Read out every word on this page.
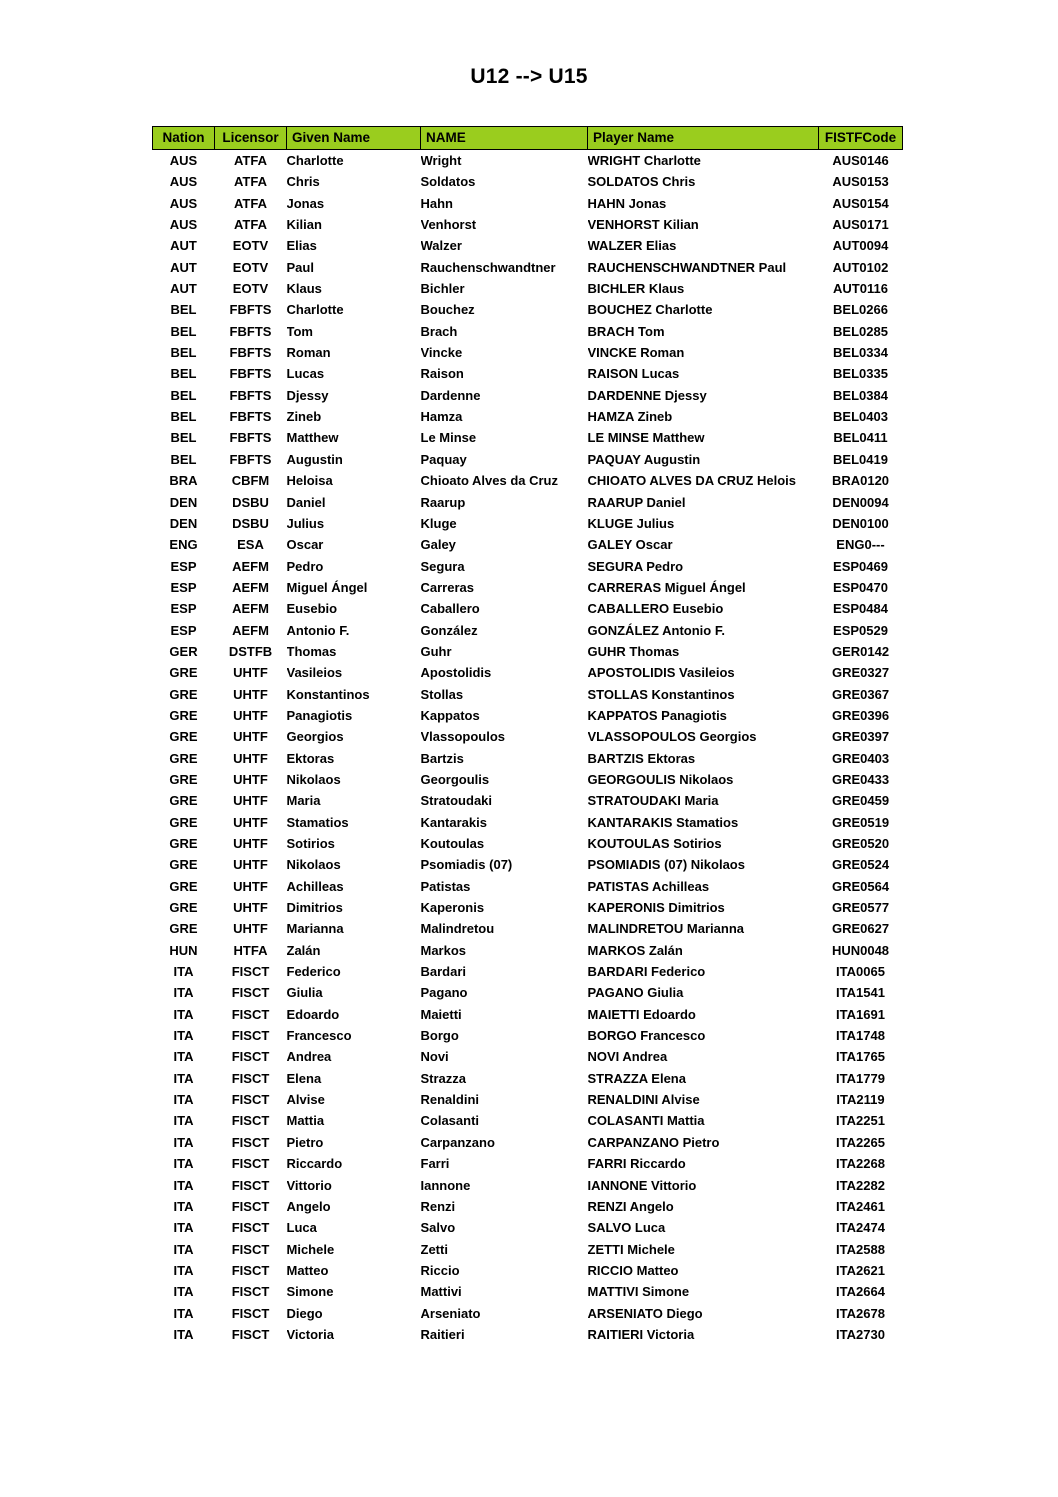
U12 --> U15
Nation	Licensor	Given Name	NAME	Player Name	FISTFCode
AUS	ATFA	Charlotte	Wright	WRIGHT Charlotte	AUS0146
AUS	ATFA	Chris	Soldatos	SOLDATOS Chris	AUS0153
AUS	ATFA	Jonas	Hahn	HAHN Jonas	AUS0154
AUS	ATFA	Kilian	Venhorst	VENHORST Kilian	AUS0171
AUT	EOTV	Elias	Walzer	WALZER Elias	AUT0094
AUT	EOTV	Paul	Rauchenschwandtner	RAUCHENSCHWANDTNER Paul	AUT0102
AUT	EOTV	Klaus	Bichler	BICHLER Klaus	AUT0116
BEL	FBFTS	Charlotte	Bouchez	BOUCHEZ Charlotte	BEL0266
BEL	FBFTS	Tom	Brach	BRACH Tom	BEL0285
BEL	FBFTS	Roman	Vincke	VINCKE Roman	BEL0334
BEL	FBFTS	Lucas	Raison	RAISON Lucas	BEL0335
BEL	FBFTS	Djessy	Dardenne	DARDENNE Djessy	BEL0384
BEL	FBFTS	Zineb	Hamza	HAMZA Zineb	BEL0403
BEL	FBFTS	Matthew	Le Minse	LE MINSE Matthew	BEL0411
BEL	FBFTS	Augustin	Paquay	PAQUAY Augustin	BEL0419
BRA	CBFM	Heloisa	Chioato Alves da Cruz	CHIOATO ALVES DA CRUZ Helois	BRA0120
DEN	DSBU	Daniel	Raarup	RAARUP Daniel	DEN0094
DEN	DSBU	Julius	Kluge	KLUGE Julius	DEN0100
ENG	ESA	Oscar	Galey	GALEY Oscar	ENG0---
ESP	AEFM	Pedro	Segura	SEGURA Pedro	ESP0469
ESP	AEFM	Miguel Ángel	Carreras	CARRERAS Miguel Ángel	ESP0470
ESP	AEFM	Eusebio	Caballero	CABALLERO Eusebio	ESP0484
ESP	AEFM	Antonio F.	González	GONZÁLEZ Antonio F.	ESP0529
GER	DSTFB	Thomas	Guhr	GUHR Thomas	GER0142
GRE	UHTF	Vasileios	Apostolidis	APOSTOLIDIS Vasileios	GRE0327
GRE	UHTF	Konstantinos	Stollas	STOLLAS Konstantinos	GRE0367
GRE	UHTF	Panagiotis	Kappatos	KAPPATOS Panagiotis	GRE0396
GRE	UHTF	Georgios	Vlassopoulos	VLASSOPOULOS Georgios	GRE0397
GRE	UHTF	Ektoras	Bartzis	BARTZIS Ektoras	GRE0403
GRE	UHTF	Nikolaos	Georgoulis	GEORGOULIS Nikolaos	GRE0433
GRE	UHTF	Maria	Stratoudaki	STRATOUDAKI Maria	GRE0459
GRE	UHTF	Stamatios	Kantarakis	KANTARAKIS Stamatios	GRE0519
GRE	UHTF	Sotirios	Koutoulas	KOUTOULAS Sotirios	GRE0520
GRE	UHTF	Nikolaos	Psomiadis (07)	PSOMIADIS (07) Nikolaos	GRE0524
GRE	UHTF	Achilleas	Patistas	PATISTAS Achilleas	GRE0564
GRE	UHTF	Dimitrios	Kaperonis	KAPERONIS Dimitrios	GRE0577
GRE	UHTF	Marianna	Malindretou	MALINDRETOU Marianna	GRE0627
HUN	HTFA	Zalán	Markos	MARKOS Zalán	HUN0048
ITA	FISCT	Federico	Bardari	BARDARI Federico	ITA0065
ITA	FISCT	Giulia	Pagano	PAGANO Giulia	ITA1541
ITA	FISCT	Edoardo	Maietti	MAIETTI Edoardo	ITA1691
ITA	FISCT	Francesco	Borgo	BORGO Francesco	ITA1748
ITA	FISCT	Andrea	Novi	NOVI Andrea	ITA1765
ITA	FISCT	Elena	Strazza	STRAZZA Elena	ITA1779
ITA	FISCT	Alvise	Renaldini	RENALDINI Alvise	ITA2119
ITA	FISCT	Mattia	Colasanti	COLASANTI Mattia	ITA2251
ITA	FISCT	Pietro	Carpanzano	CARPANZANO Pietro	ITA2265
ITA	FISCT	Riccardo	Farri	FARRI Riccardo	ITA2268
ITA	FISCT	Vittorio	Iannone	IANNONE Vittorio	ITA2282
ITA	FISCT	Angelo	Renzi	RENZI Angelo	ITA2461
ITA	FISCT	Luca	Salvo	SALVO Luca	ITA2474
ITA	FISCT	Michele	Zetti	ZETTI Michele	ITA2588
ITA	FISCT	Matteo	Riccio	RICCIO Matteo	ITA2621
ITA	FISCT	Simone	Mattivi	MATTIVI Simone	ITA2664
ITA	FISCT	Diego	Arseniato	ARSENIATO Diego	ITA2678
ITA	FISCT	Victoria	Raitieri	RAITIERI Victoria	ITA2730
